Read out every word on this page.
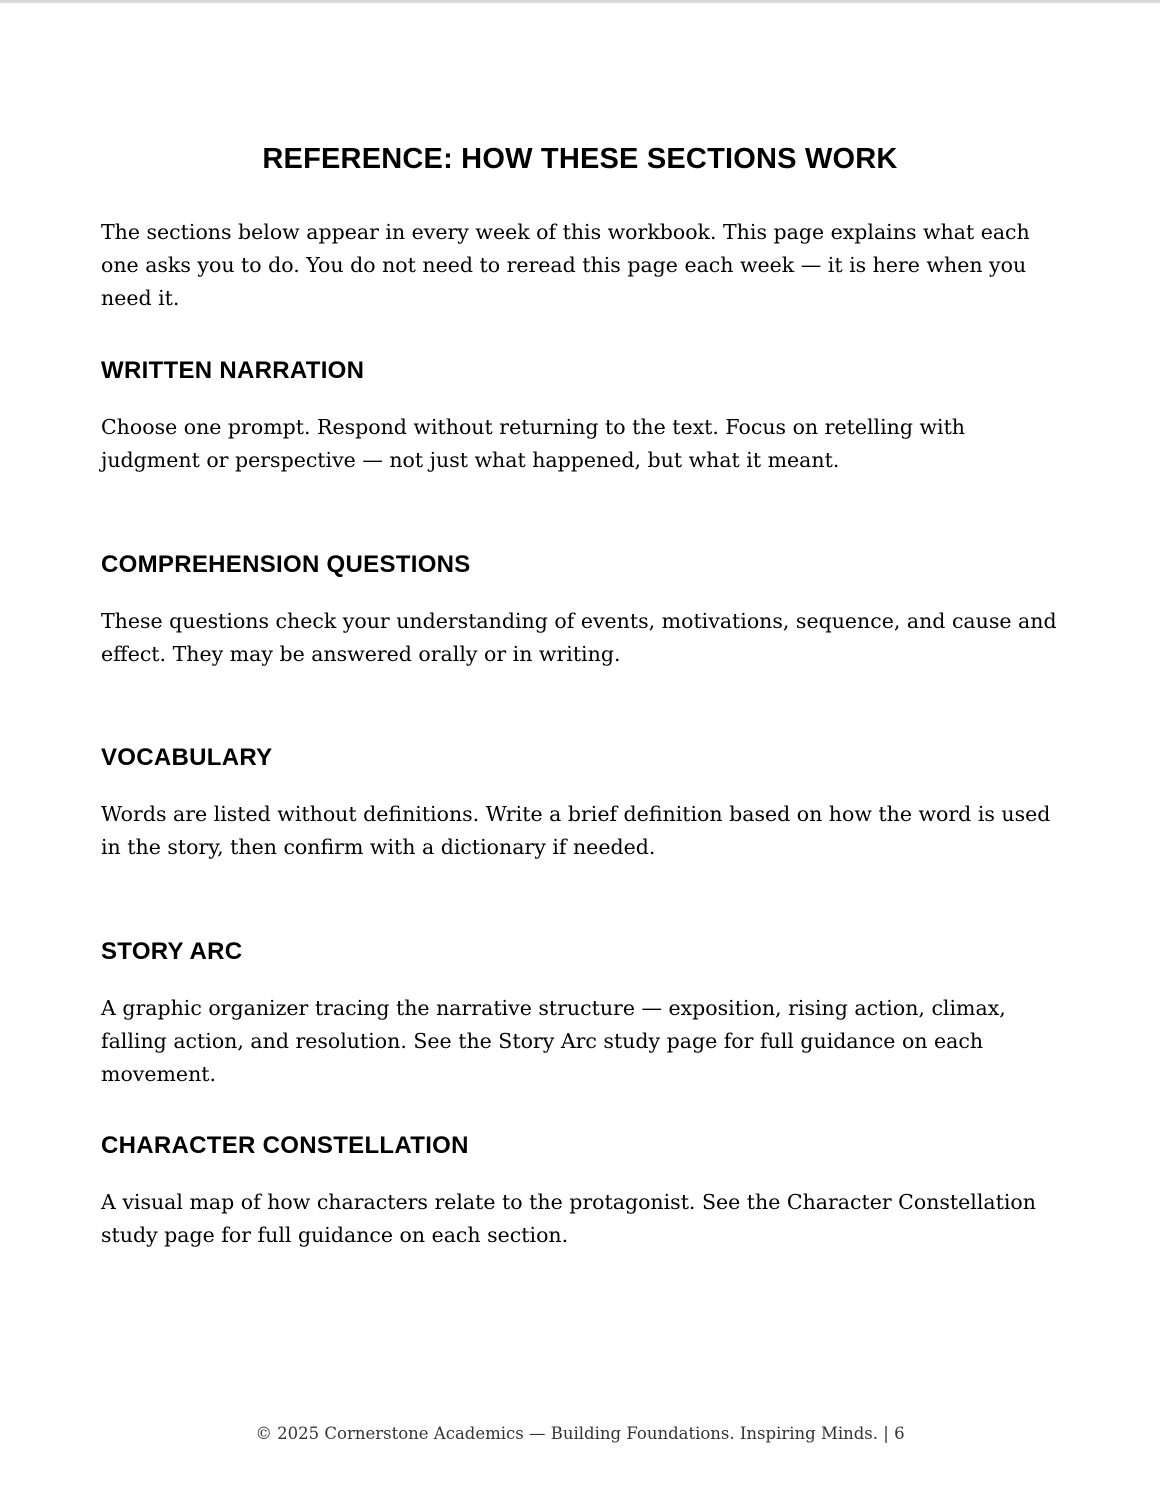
REFERENCE: HOW THESE SECTIONS WORK

The sections below appear in every week of this workbook. This page explains what each one asks you to do. You do not need to reread this page each week — it is here when you need it.

WRITTEN NARRATION

Choose one prompt. Respond without returning to the text. Focus on retelling with judgment or perspective — not just what happened, but what it meant.

COMPREHENSION QUESTIONS

These questions check your understanding of events, motivations, sequence, and cause and effect. They may be answered orally or in writing.

VOCABULARY

Words are listed without definitions. Write a brief definition based on how the word is used in the story, then confirm with a dictionary if needed.

STORY ARC

A graphic organizer tracing the narrative structure — exposition, rising action, climax, falling action, and resolution. See the Story Arc study page for full guidance on each movement.

CHARACTER CONSTELLATION

A visual map of how characters relate to the protagonist. See the Character Constellation study page for full guidance on each section.

© 2025 Cornerstone Academics — Building Foundations. Inspiring Minds. | 6
